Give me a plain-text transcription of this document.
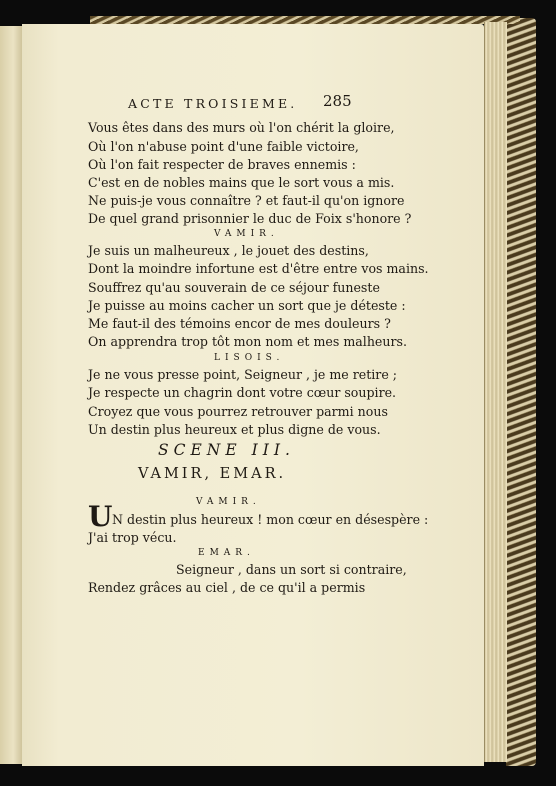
ACTE TROISIEME. 285
Vous êtes dans des murs où l'on chérit la gloire,
Où l'on n'abuse point d'une faible victoire,
Où l'on fait respecter de braves ennemis :
C'est en de nobles mains que le sort vous a mis.
Ne puis-je vous connaître ? et faut-il qu'on ignore
De quel grand prisonnier le duc de Foix s'honore ?
VAMIR.
Je suis un malheureux , le jouet des destins,
Dont la moindre infortune est d'être entre vos mains.
Souffrez qu'au souverain de ce séjour funeste
Je puisse au moins cacher un sort que je déteste :
Me faut-il des témoins encor de mes douleurs ?
On apprendra trop tôt mon nom et mes malheurs.
LISOIS.
Je ne vous presse point, Seigneur , je me retire ;
Je respecte un chagrin dont votre cœur soupire.
Croyez que vous pourrez retrouver parmi nous
Un destin plus heureux et plus digne de vous.
SCENE III.
VAMIR, EMAR.
VAMIR.
U N destin plus heureux ! mon cœur en désespère :
J'ai trop vécu.
EMAR.
Seigneur , dans un sort si contraire,
Rendez grâces au ciel , de ce qu'il a permis
